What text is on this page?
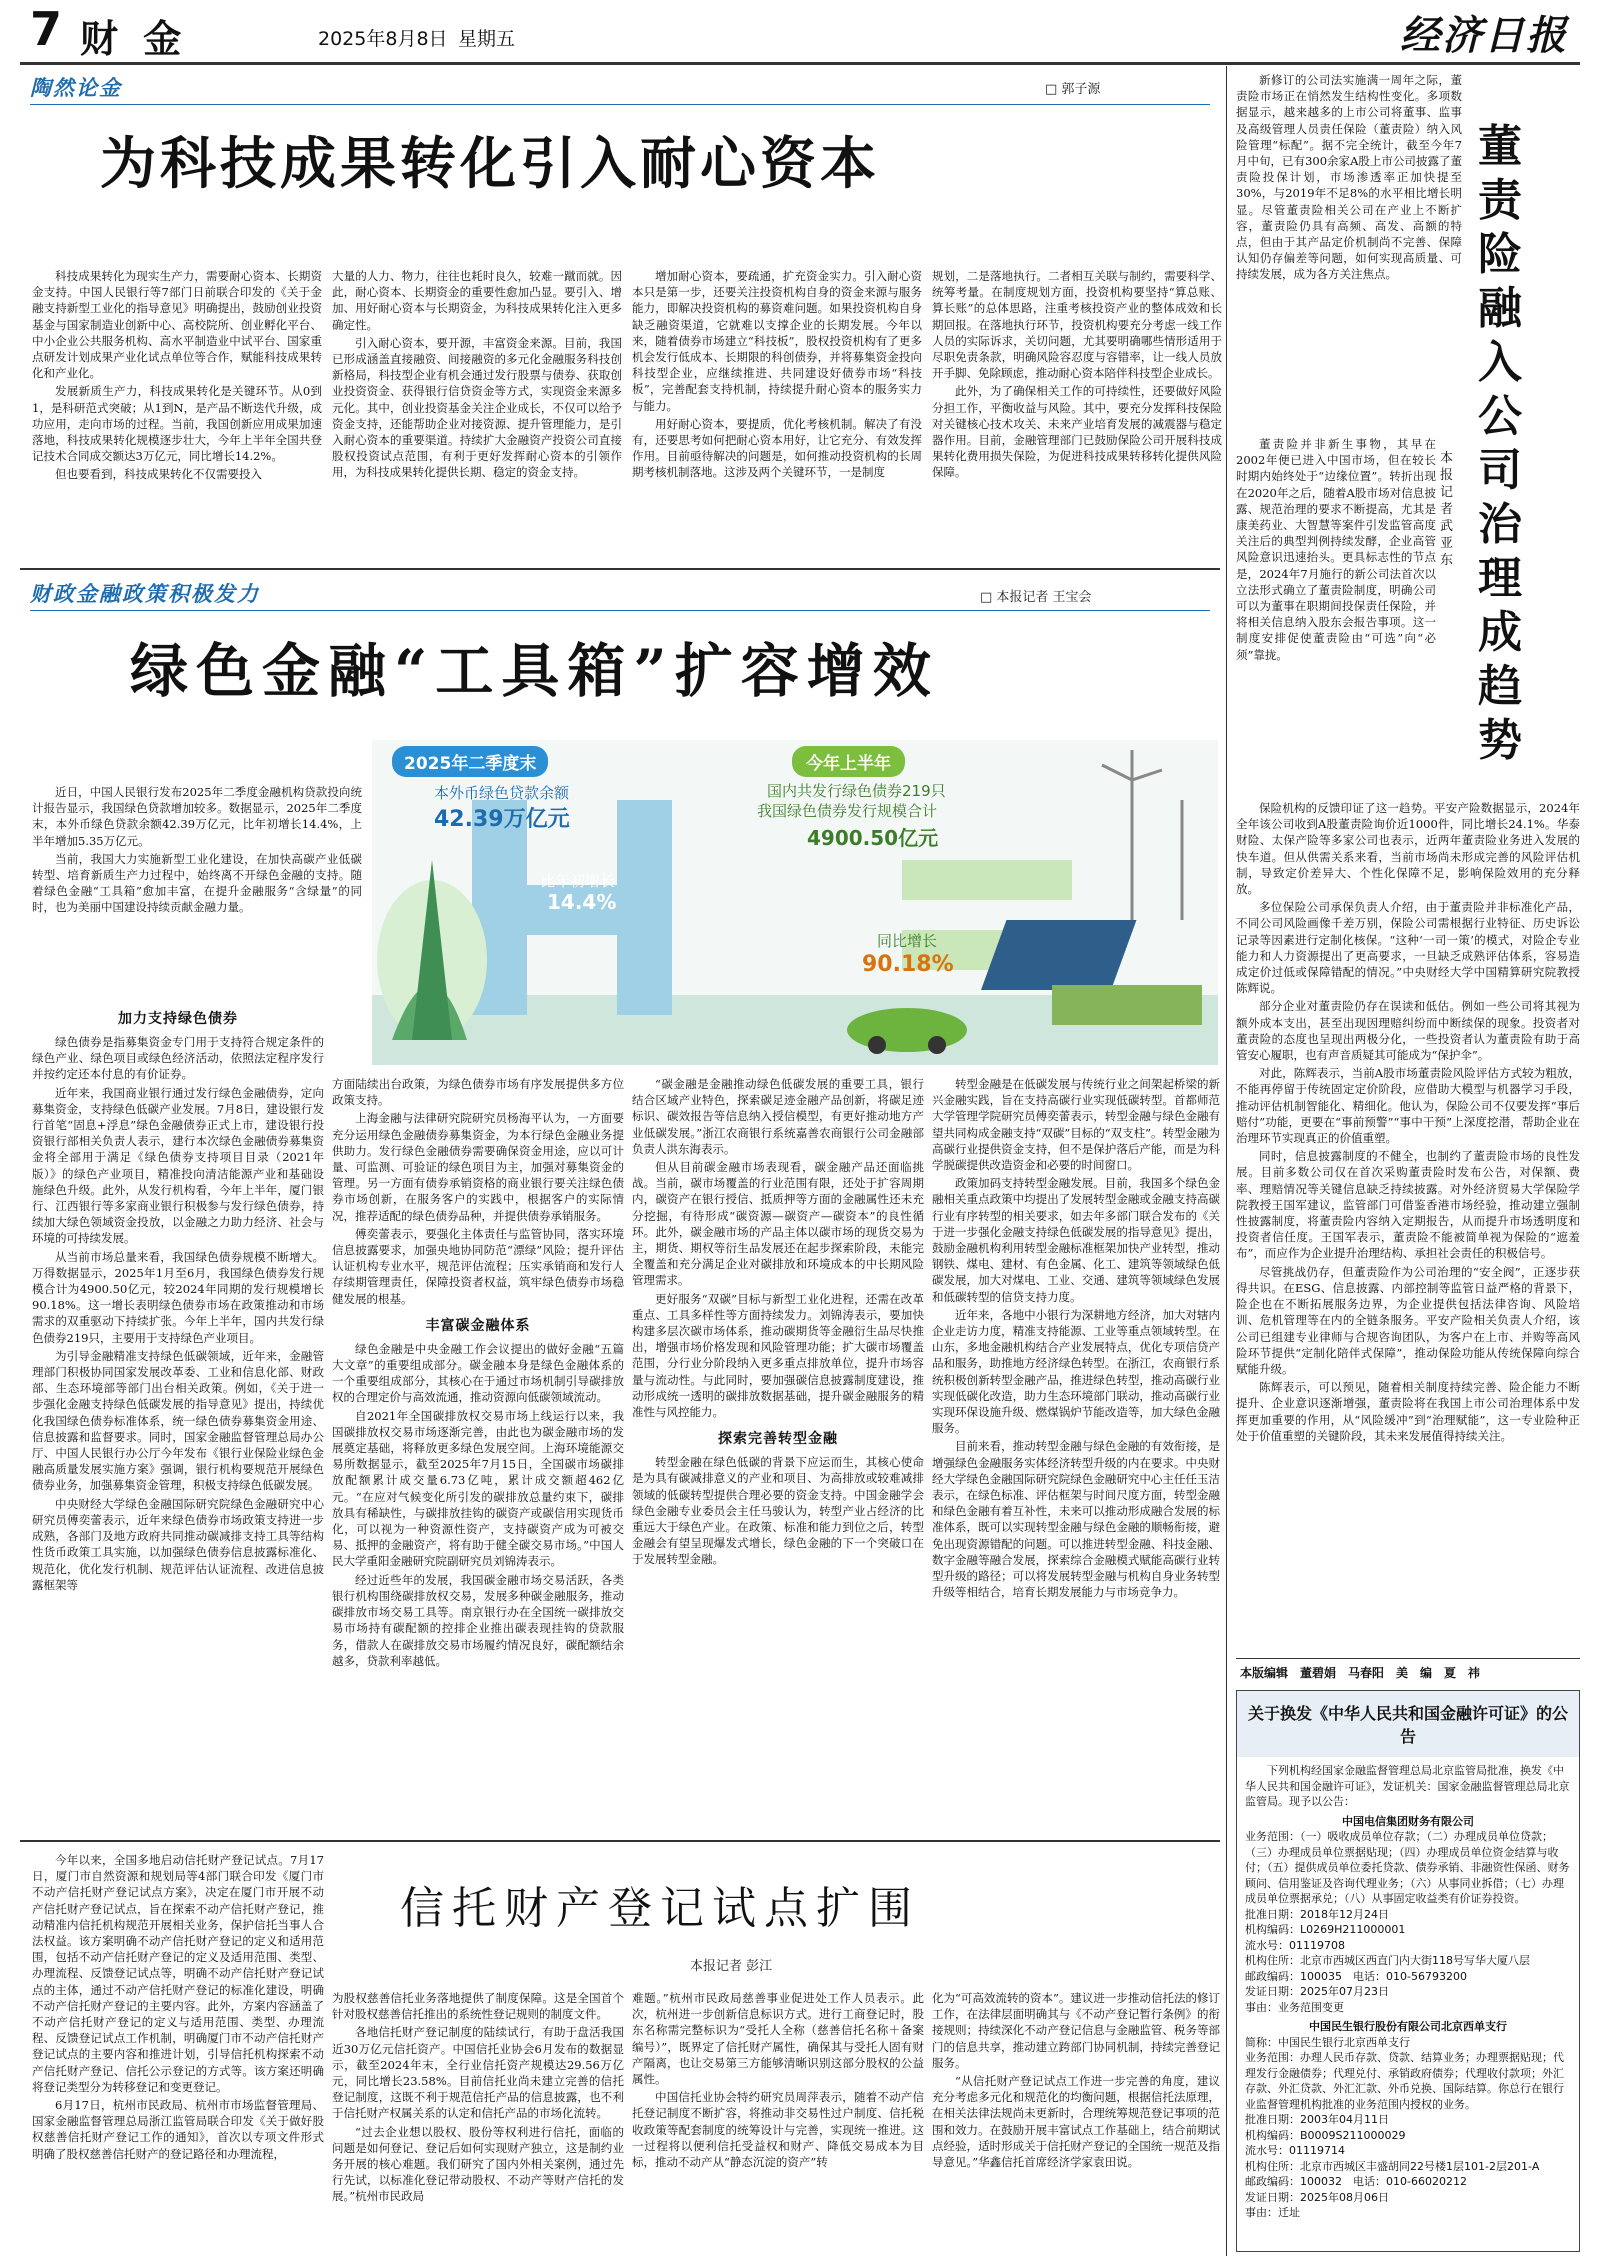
7 财 金	2025年8月8日 星期五	经济日报
陶然论金	□ 郭子源
为科技成果转化引入耐心资本

科技成果转化为现实生产力，需要耐心资本、长期资金支持。中国人民银行等7部门日前联合印发的《关于金融支持新型工业化的指导意见》明确提出，鼓励创业投资基金与国家制造业创新中心、高校院所、创业孵化平台、中小企业公共服务机构、高水平制造业中试平台、国家重点研发计划成果产业化试点单位等合作，赋能科技成果转化和产业化。

发展新质生产力，科技成果转化是关键环节。从0到1，是科研范式突破；从1到N，是产品不断迭代升级，成功应用，走向市场的过程。当前，我国创新应用成果加速落地，科技成果转化规模逐步壮大，今年上半年全国共登记技术合同成交额达3万亿元，同比增长14.2%。

但也要看到，科技成果转化不仅需要投入

大量的人力、物力，往往也耗时良久，较难一蹴而就。因此，耐心资本、长期资金的重要性愈加凸显。要引入、增加、用好耐心资本与长期资金，为科技成果转化注入更多确定性。

引入耐心资本，要开源，丰富资金来源。目前，我国已形成涵盖直接融资、间接融资的多元化金融服务科技创新格局，科技型企业有机会通过发行股票与债券、获取创业投资资金、获得银行信贷资金等方式，实现资金来源多元化。其中，创业投资基金关注企业成长，不仅可以给予资金支持，还能帮助企业对接资源、提升管理能力，是引入耐心资本的重要渠道。持续扩大金融资产投资公司直接股权投资试点范围，有利于更好发挥耐心资本的引领作用，为科技成果转化提供长期、稳定的资金支持。

增加耐心资本，要疏通，扩充资金实力。引入耐心资本只是第一步，还要关注投资机构自身的资金来源与服务能力，即解决投资机构的募资难问题。如果投资机构自身缺乏融资渠道，它就难以支撑企业的长期发展。今年以来，随着债券市场建立“科技板”，股权投资机构有了更多机会发行低成本、长期限的科创债券，并将募集资金投向科技型企业，应继续推进、共同建设好债券市场“科技板”，完善配套支持机制，持续提升耐心资本的服务实力与能力。

用好耐心资本，要提质，优化考核机制。解决了有没有，还要思考如何把耐心资本用好，让它充分、有效发挥作用。目前亟待解决的问题是，如何推动投资机构的长周期考核机制落地。这涉及两个关键环节，一是制度

规划，二是落地执行。二者相互关联与制约，需要科学、统筹考量。在制度规划方面，投资机构要坚持“算总账、算长账”的总体思路，注重考核投资产业的整体成效和长期回报。在落地执行环节，投资机构要充分考虑一线工作人员的实际诉求，关切问题，尤其要明确哪些情形适用于尽职免责条款，明确风险容忍度与容错率，让一线人员放开手脚、免除顾虑，推动耐心资本陪伴科技型企业成长。

此外，为了确保相关工作的可持续性，还要做好风险分担工作，平衡收益与风险。其中，要充分发挥科技保险对关键核心技术攻关、未来产业培育发展的减震器与稳定器作用。目前，金融管理部门已鼓励保险公司开展科技成果转化费用损失保险，为促进科技成果转移转化提供风险保障。

财政金融政策积极发力	□ 本报记者 王宝会
绿色金融“工具箱”扩容增效
2025年二季度末
本外币绿色贷款余额
42.39万亿元
比年初增长
14.4%
今年上半年
国内共发行绿色债券219只
我国绿色债券发行规模合计
4900.50亿元
同比增长
90.18%

近日，中国人民银行发布2025年二季度金融机构贷款投向统计报告显示，我国绿色贷款增加较多。数据显示，2025年二季度末，本外币绿色贷款余额42.39万亿元，比年初增长14.4%，上半年增加5.35万亿元。

当前，我国大力实施新型工业化建设，在加快高碳产业低碳转型、培育新质生产力过程中，始终离不开绿色金融的支持。随着绿色金融“工具箱”愈加丰富，在提升金融服务“含绿量”的同时，也为美丽中国建设持续贡献金融力量。

加力支持绿色债券

绿色债券是指募集资金专门用于支持符合规定条件的绿色产业、绿色项目或绿色经济活动，依照法定程序发行并按约定还本付息的有价证券。

近年来，我国商业银行通过发行绿色金融债券，定向募集资金，支持绿色低碳产业发展。7月8日，建设银行发行首笔“固息+浮息”绿色金融债券正式上市，建设银行投资银行部相关负责人表示，建行本次绿色金融债券募集资金将全部用于满足《绿色债券支持项目目录（2021年版）》的绿色产业项目，精准投向清洁能源产业和基础设施绿色升级。此外，从发行机构看，今年上半年，厦门银行、江西银行等多家商业银行积极参与发行绿色债券，持续加大绿色领域资金投放，以金融之力助力经济、社会与环境的可持续发展。

从当前市场总量来看，我国绿色债券规模不断增大。万得数据显示，2025年1月至6月，我国绿色债券发行规模合计为4900.50亿元，较2024年同期的发行规模增长90.18%。这一增长表明绿色债券市场在政策推动和市场需求的双重驱动下持续扩张。今年上半年，国内共发行绿色债券219只，主要用于支持绿色产业项目。

为引导金融精准支持绿色低碳领域，近年来，金融管理部门积极协同国家发展改革委、工业和信息化部、财政部、生态环境部等部门出台相关政策。例如，《关于进一步强化金融支持绿色低碳发展的指导意见》提出，持续优化我国绿色债券标准体系，统一绿色债券募集资金用途、信息披露和监督要求。同时，国家金融监督管理总局办公厅、中国人民银行办公厅今年发布《银行业保险业绿色金融高质量发展实施方案》强调，银行机构要规范开展绿色债券业务，加强募集资金管理，积极支持绿色低碳发展。

中央财经大学绿色金融国际研究院绿色金融研究中心研究员傅奕蕾表示，近年来绿色债券市场政策支持进一步成熟，各部门及地方政府共同推动碳减排支持工具等结构性货币政策工具实施，以加强绿色债券信息披露标准化、规范化，优化发行机制、规范评估认证流程、改进信息披露框架等

方面陆续出台政策，为绿色债券市场有序发展提供多方位政策支持。

上海金融与法律研究院研究员杨海平认为，一方面要充分运用绿色金融债券募集资金，为本行绿色金融业务提供助力。发行绿色金融债券需要确保资金用途，应以可计量、可监测、可验证的绿色项目为主，加强对募集资金的管理。另一方面有债券承销资格的商业银行要关注绿色债券市场创新，在服务客户的实践中，根据客户的实际情况，推荐适配的绿色债券品种，并提供债券承销服务。

傅奕蕾表示，要强化主体责任与监管协同，落实环境信息披露要求，加强央地协同防范“漂绿”风险；提升评估认证机构专业水平，规范评估流程；压实承销商和发行人存续期管理责任，保障投资者权益，筑牢绿色债券市场稳健发展的根基。

丰富碳金融体系

绿色金融是中央金融工作会议提出的做好金融“五篇大文章”的重要组成部分。碳金融本身是绿色金融体系的一个重要组成部分，其核心在于通过市场机制引导碳排放权的合理定价与高效流通，推动资源向低碳领域流动。

自2021年全国碳排放权交易市场上线运行以来，我国碳排放权交易市场逐渐完善，由此也为碳金融市场的发展奠定基础，将释放更多绿色发展空间。上海环境能源交易所数据显示，截至2025年7月15日，全国碳市场碳排放配额累计成交量6.73亿吨，累计成交额超462亿元。“在应对气候变化所引发的碳排放总量约束下，碳排放具有稀缺性，与碳排放挂钩的碳资产或碳信用实现货币化，可以视为一种资源性资产，支持碳资产成为可被交易、抵押的金融资产，将有助于健全碳交易市场。”中国人民大学重阳金融研究院副研究员刘锦涛表示。

经过近些年的发展，我国碳金融市场交易活跃，各类银行机构围绕碳排放权交易，发展多种碳金融服务，推动碳排放市场交易工具等。南京银行办在全国统一碳排放交易市场持有碳配额的控排企业推出碳表现挂钩的贷款服务，借款人在碳排放交易市场履约情况良好，碳配额结余越多，贷款利率越低。

“碳金融是金融推动绿色低碳发展的重要工具，银行结合区域产业特色，探索碳足迹金融产品创新，将碳足迹标识、碳效报告等信息纳入授信模型，有更好推动地方产业低碳发展。”浙江农商银行系统嘉善农商银行公司金融部负责人洪东海表示。

但从目前碳金融市场表现看，碳金融产品还面临挑战。当前，碳市场覆盖的行业范围有限，还处于扩容周期内，碳资产在银行授信、抵质押等方面的金融属性还未充分挖掘，有待形成“碳资源—碳资产—碳资本”的良性循环。此外，碳金融市场的产品主体以碳市场的现货交易为主，期货、期权等衍生品发展还在起步探索阶段，未能完全覆盖和充分满足企业对碳排放和环境成本的中长期风险管理需求。

更好服务“双碳”目标与新型工业化进程，还需在改革重点、工具多样性等方面持续发力。刘锦涛表示，要加快构建多层次碳市场体系，推动碳期货等金融衍生品尽快推出，增强市场价格发现和风险管理功能；扩大碳市场覆盖范围，分行业分阶段纳入更多重点排放单位，提升市场容量与流动性。与此同时，要加强碳信息披露制度建设，推动形成统一透明的碳排放数据基础，提升碳金融服务的精准性与风控能力。

探索完善转型金融

转型金融在绿色低碳的背景下应运而生，其核心使命是为具有碳减排意义的产业和项目、为高排放或较难减排领域的低碳转型提供合理必要的资金支持。中国金融学会绿色金融专业委员会主任马骏认为，转型产业占经济的比重远大于绿色产业。在政策、标准和能力到位之后，转型金融会有望呈现爆发式增长，绿色金融的下一个突破口在于发展转型金融。

转型金融是在低碳发展与传统行业之间架起桥梁的新兴金融实践，旨在支持高碳行业实现低碳转型。首都师范大学管理学院研究员傅奕蕾表示，转型金融与绿色金融有望共同构成金融支持“双碳”目标的“双支柱”。转型金融为高碳行业提供资金支持，但不是保护落后产能，而是为科学脱碳提供改造资金和必要的时间窗口。

政策加码支持转型金融发展。目前，我国多个绿色金融相关重点政策中均提出了发展转型金融或金融支持高碳行业有序转型的相关要求，如去年多部门联合发布的《关于进一步强化金融支持绿色低碳发展的指导意见》提出，鼓励金融机构利用转型金融标准框架加快产业转型，推动钢铁、煤电、建材、有色金属、化工、建筑等领域绿色低碳发展，加大对煤电、工业、交通、建筑等领域绿色发展和低碳转型的信贷支持力度。

近年来，各地中小银行为深耕地方经济，加大对辖内企业走访力度，精准支持能源、工业等重点领域转型。在山东，多地金融机构结合产业发展特点，优化专项信贷产品和服务，助推地方经济绿色转型。在浙江，农商银行系统积极创新转型金融产品，推进绿色转型，推动高碳行业实现低碳化改造，助力生态环境部门联动，推动高碳行业实现环保设施升级、燃煤锅炉节能改造等，加大绿色金融服务。

目前来看，推动转型金融与绿色金融的有效衔接，是增强绿色金融服务实体经济转型升级的内在要求。中央财经大学绿色金融国际研究院绿色金融研究中心主任任玉洁表示，在绿色标准、评估框架与时间尺度方面，转型金融和绿色金融有着互补性，未来可以推动形成融合发展的标准体系，既可以实现转型金融与绿色金融的顺畅衔接，避免出现资源错配的问题。可以推进转型金融、科技金融、数字金融等融合发展，探索综合金融模式赋能高碳行业转型升级的路径；可以将发展转型金融与机构自身业务转型升级等相结合，培育长期发展能力与市场竞争力。

今年以来，全国多地启动信托财产登记试点。7月17日，厦门市自然资源和规划局等4部门联合印发《厦门市不动产信托财产登记试点方案》，决定在厦门市开展不动产信托财产登记试点，旨在探索不动产信托财产登记，推动精准内信托机构规范开展相关业务，保护信托当事人合法权益。该方案明确不动产信托财产登记的定义和适用范围，包括不动产信托财产登记的定义及适用范围、类型、办理流程、反馈登记试点等，明确不动产信托财产登记试点的主体，通过不动产信托财产登记的标准化建设，明确不动产信托财产登记的主要内容。此外，方案内容涵盖了不动产信托财产登记的定义与适用范围、类型、办理流程、反馈登记试点工作机制，明确厦门市不动产信托财产登记试点的主要内容和推进计划，引导信托机构探索不动产信托财产登记、信托公示登记的方式等。该方案还明确将登记类型分为转移登记和变更登记。

6月17日，杭州市民政局、杭州市市场监督管理局、国家金融监督管理总局浙江监管局联合印发《关于做好股权慈善信托财产登记工作的通知》，首次以专项文件形式明确了股权慈善信托财产的登记路径和办理流程，

信托财产登记试点扩围
本报记者 彭江

为股权慈善信托业务落地提供了制度保障。这是全国首个针对股权慈善信托推出的系统性登记规则的制度文件。

各地信托财产登记制度的陆续试行，有助于盘活我国近30万亿元信托资产。中国信托业协会6月发布的数据显示，截至2024年末，全行业信托资产规模达29.56万亿元，同比增长23.58%。目前信托业尚未建立完善的信托登记制度，这既不利于规范信托产品的信息披露，也不利于信托财产权属关系的认定和信托产品的市场化流转。

“过去企业想以股权、股份等权利进行信托，面临的问题是如何登记、登记后如何实现财产独立，这是制约业务开展的核心难题。我们研究了国内外相关案例，通过先行先试，以标准化登记带动股权、不动产等财产信托的发展。”杭州市民政局

难题。”杭州市民政局慈善事业促进处工作人员表示。此次，杭州进一步创新信息标识方式。进行工商登记时，股东名称需完整标识为“受托人全称（慈善信托名称＋备案编号）”，既界定了信托财产属性，确保其与受托人固有财产隔离，也让交易第三方能够清晰识别这部分股权的公益属性。

中国信托业协会特约研究员周萍表示，随着不动产信托登记制度不断扩容，将推动非交易性过户制度、信托税收政策等配套制度的统筹设计与完善，实现统一推进。这一过程将以便利信托受益权和财产、降低交易成本为目标，推动不动产从“静态沉淀的资产”转

化为“可高效流转的资本”。建议进一步推动信托法的修订工作，在法律层面明确其与《不动产登记暂行条例》的衔接规则；持续深化不动产登记信息与金融监管、税务等部门的信息共享，推动建立跨部门协同机制，持续完善登记服务。

“从信托财产登记试点工作进一步完善的角度，建议充分考虑多元化和规范化的均衡问题，根据信托法原理，在相关法律法规尚未更新时，合理统筹规范登记事项的范围和效力。在鼓励开展丰富试点工作基础上，结合前期试点经验，适时形成关于信托财产登记的全国统一规范及指导意见。”华鑫信托首席经济学家袁田说。

新修订的公司法实施满一周年之际，董责险市场正在悄然发生结构性变化。多项数据显示，越来越多的上市公司将董事、监事及高级管理人员责任保险（董责险）纳入风险管理“标配”。据不完全统计，截至今年7月中旬，已有300余家A股上市公司披露了董责险投保计划，市场渗透率正加快提至30%，与2019年不足8%的水平相比增长明显。尽管董责险相关公司在产业上不断扩容，董责险仍具有高频、高发、高额的特点，但由于其产品定价机制尚不完善、保障认知仍存偏差等问题，如何实现高质量、可持续发展，成为各方关注焦点。

董责险融入公司治理成趋势
本报记者 武亚东

董责险并非新生事物，其早在2002年便已进入中国市场，但在较长时期内始终处于“边缘位置”。转折出现在2020年之后，随着A股市场对信息披露、规范治理的要求不断提高，尤其是康美药业、大智慧等案件引发监管高度关注后的典型判例持续发酵，企业高管风险意识迅速抬头。更具标志性的节点是，2024年7月施行的新公司法首次以立法形式确立了董责险制度，明确公司可以为董事在职期间投保责任保险，并将相关信息纳入股东会报告事项。这一制度安排促使董责险由“可选”向“必须”靠拢。

保险机构的反馈印证了这一趋势。平安产险数据显示，2024年全年该公司收到A股董责险询价近1000件，同比增长24.1%。华泰财险、太保产险等多家公司也表示，近两年董责险业务进入发展的快车道。但从供需关系来看，当前市场尚未形成完善的风险评估机制，导致定价差异大、个性化保障不足，影响保险效用的充分释放。

多位保险公司承保负责人介绍，由于董责险并非标准化产品，不同公司风险画像千差万别，保险公司需根据行业特征、历史诉讼记录等因素进行定制化核保。“这种‘一司一策’的模式，对险企专业能力和人力资源提出了更高要求，一旦缺乏成熟评估体系，容易造成定价过低或保障错配的情况。”中央财经大学中国精算研究院教授陈辉说。

部分企业对董责险仍存在误读和低估。例如一些公司将其视为额外成本支出，甚至出现因理赔纠纷而中断续保的现象。投资者对董责险的态度也呈现出两极分化，一些投资者认为董责险有助于高管安心履职，也有声音质疑其可能成为“保护伞”。

对此，陈辉表示，当前A股市场董责险风险评估方式较为粗放，不能再停留于传统固定定价阶段，应借助大模型与机器学习手段，推动评估机制智能化、精细化。他认为，保险公司不仅要发挥“事后赔付”功能，更要在“事前预警”“事中干预”上深度挖潜，帮助企业在治理环节实现真正的价值重塑。

同时，信息披露制度的不健全，也制约了董责险市场的良性发展。目前多数公司仅在首次采购董责险时发布公告，对保额、费率、理赔情况等关键信息缺乏持续披露。对外经济贸易大学保险学院教授王国军建议，监管部门可借鉴香港市场经验，推动建立强制性披露制度，将董责险内容纳入定期报告，从而提升市场透明度和投资者信任度。王国军表示，董责险不能被简单视为保险的“遮羞布”，而应作为企业提升治理结构、承担社会责任的积极信号。

尽管挑战仍存，但董责险作为公司治理的“安全阀”，正逐步获得共识。在ESG、信息披露、内部控制等监管日益严格的背景下，险企也在不断拓展服务边界，为企业提供包括法律咨询、风险培训、危机管理等在内的全链条服务。平安产险相关负责人介绍，该公司已组建专业律师与合规咨询团队，为客户在上市、并购等高风险环节提供“定制化陪伴式保障”，推动保险功能从传统保障向综合赋能升级。

陈辉表示，可以预见，随着相关制度持续完善、险企能力不断提升、企业意识逐渐增强，董责险将在我国上市公司治理体系中发挥更加重要的作用，从“风险缓冲”到“治理赋能”，这一专业险种正处于价值重塑的关键阶段，其未来发展值得持续关注。

本版编辑　董碧娟　马春阳　美　编　夏　祎
关于换发《中华人民共和国金融许可证》的公告

下列机构经国家金融监督管理总局北京监管局批准，换发《中华人民共和国金融许可证》，发证机关：国家金融监督管理总局北京监管局。现予以公告：

中国电信集团财务有限公司

业务范围：（一）吸收成员单位存款；（二）办理成员单位贷款；（三）办理成员单位票据贴现；（四）办理成员单位资金结算与收付；（五）提供成员单位委托贷款、债券承销、非融资性保函、财务顾问、信用鉴证及咨询代理业务；（六）从事同业拆借；（七）办理成员单位票据承兑；（八）从事固定收益类有价证券投资。

批准日期：2018年12月24日

机构编码：L0269H211000001

流水号：01119708

机构住所：北京市西城区西直门内大街118号写华大厦八层

邮政编码：100035　电话：010-56793200

发证日期：2025年07月23日

事由：业务范围变更

中国民生银行股份有限公司北京西单支行

简称：中国民生银行北京西单支行

业务范围：办理人民币存款、贷款、结算业务；办理票据贴现；代理发行金融债券；代理兑付、承销政府债券；代理收付款项；外汇存款、外汇贷款、外汇汇款、外币兑换、国际结算。你总行在银行业监督管理机构批准的业务范围内授权的业务。

批准日期：2003年04月11日

机构编码：B0009S211000029

流水号：01119714

机构住所：北京市西城区丰盛胡同22号楼1层101-2层201-A

邮政编码：100032　电话：010-66020212

发证日期：2025年08月06日

事由：迁址
